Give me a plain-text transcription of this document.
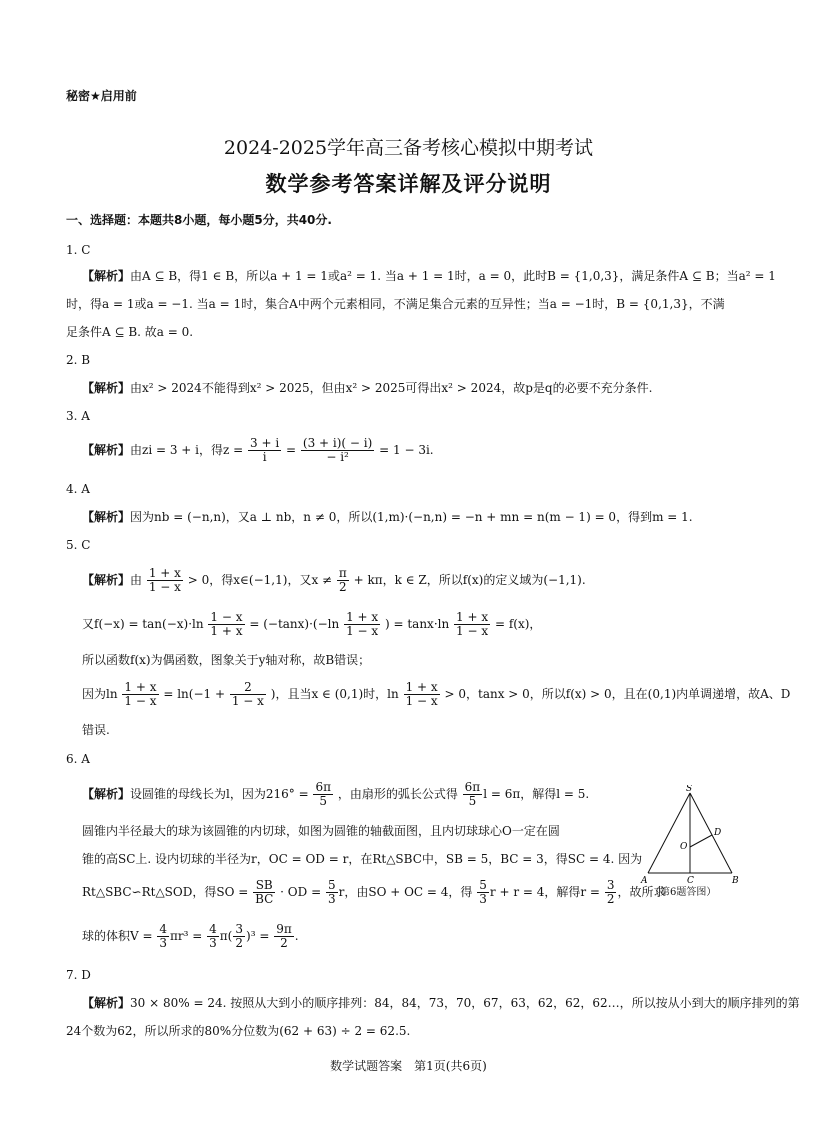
秘密★启用前
2024-2025学年高三备考核心模拟中期考试
数学参考答案详解及评分说明
一、选择题：本题共8小题，每小题5分，共40分.
1. C
【解析】由A ⊆ B，得1 ∈ B，所以a + 1 = 1或a² = 1. 当a + 1 = 1时，a = 0，此时B = {1,0,3}，满足条件A ⊆ B；当a² = 1
时，得a = 1或a = −1. 当a = 1时，集合A中两个元素相同，不满足集合元素的互异性；当a = −1时，B = {0,1,3}，不满
足条件A ⊆ B. 故a = 0.
2. B
【解析】由x² > 2024不能得到x² > 2025，但由x² > 2025可得出x² > 2024，故p是q的必要不充分条件.
3. A
【解析】由zi = 3 + i，得$z = \frac{3 + i}{i} = \frac{(3 + i)( - i)}{\text{− i²}} = 1 - 3i$.
4. A
【解析】因为nb = (−n,n)，又a ⊥ nb，n ≠ 0，所以(1,m)·(−n,n) = −n + mn = n(m − 1) = 0，得到m = 1.
5. C
【解析】由 $\frac{1 + x}{1 - x} > 0$，得x∈(−1,1)，又$x \ne \frac{\pi}{2} + k\pi$，k ∈ Z，所以f(x)的定义域为(−1,1).
又$f(-x) = \tan(-x)\cdot\ln \frac{1 - x}{1 + x} = (-\tan x)\cdot(-\ln \frac{1 + x}{1 - x}$ ) = $\tan x\cdot\ln \frac{1 + x}{1 - x} = f(x)$，
所以函数f(x)为偶函数，图象关于y轴对称，故B错误；
因为$\ln \frac{1 + x}{1 - x} = \ln(-1 + \frac{2}{1 - x}$ )，且当x ∈ (0,1)时，$\ln \frac{1 + x}{1 - x} > 0$，tanx > 0，所以f(x) > 0，且在(0,1)内单调递增，故A、D
错误.
6. A
【解析】设圆锥的母线长为l，因为$216^\circ = \frac{6\pi}{5}$ ，由扇形的弧长公式得 $\frac{6\pi}{5}$ l = 6π，解得l = 5.
圆锥内半径最大的球为该圆锥的内切球，如图为圆锥的轴截面图，且内切球球心O一定在圆
锥的高SC上. 设内切球的半径为r，OC = OD = r，在Rt△SBC中，SB = 5，BC = 3，得SC = 4. 因为
Rt△SBC∽Rt△SOD，得SO = $\frac{SB}{BC}$ · OD = $\frac{5}{3}$ r，由SO + OC = 4，得 $\frac{5}{3}$ r + r = 4，解得$r = \frac{3}{2}$ ，故所求
球的体积$V = \frac{4}{3} \pi r^3 = \frac{4}{3} \pi( \frac{3}{2} )^3 = \frac{9\pi}{2}$ .
S
D
O
A	C	B
（第6题答图）
7. D
【解析】30 × 80% = 24. 按照从大到小的顺序排列：84，84，73，70，67，63，62，62，62…，所以按从小到大的顺序排列的第
24个数为62，所以所求的80%分位数为(62 + 63) ÷ 2 = 62.5.
数学试题答案　第1页(共6页)
